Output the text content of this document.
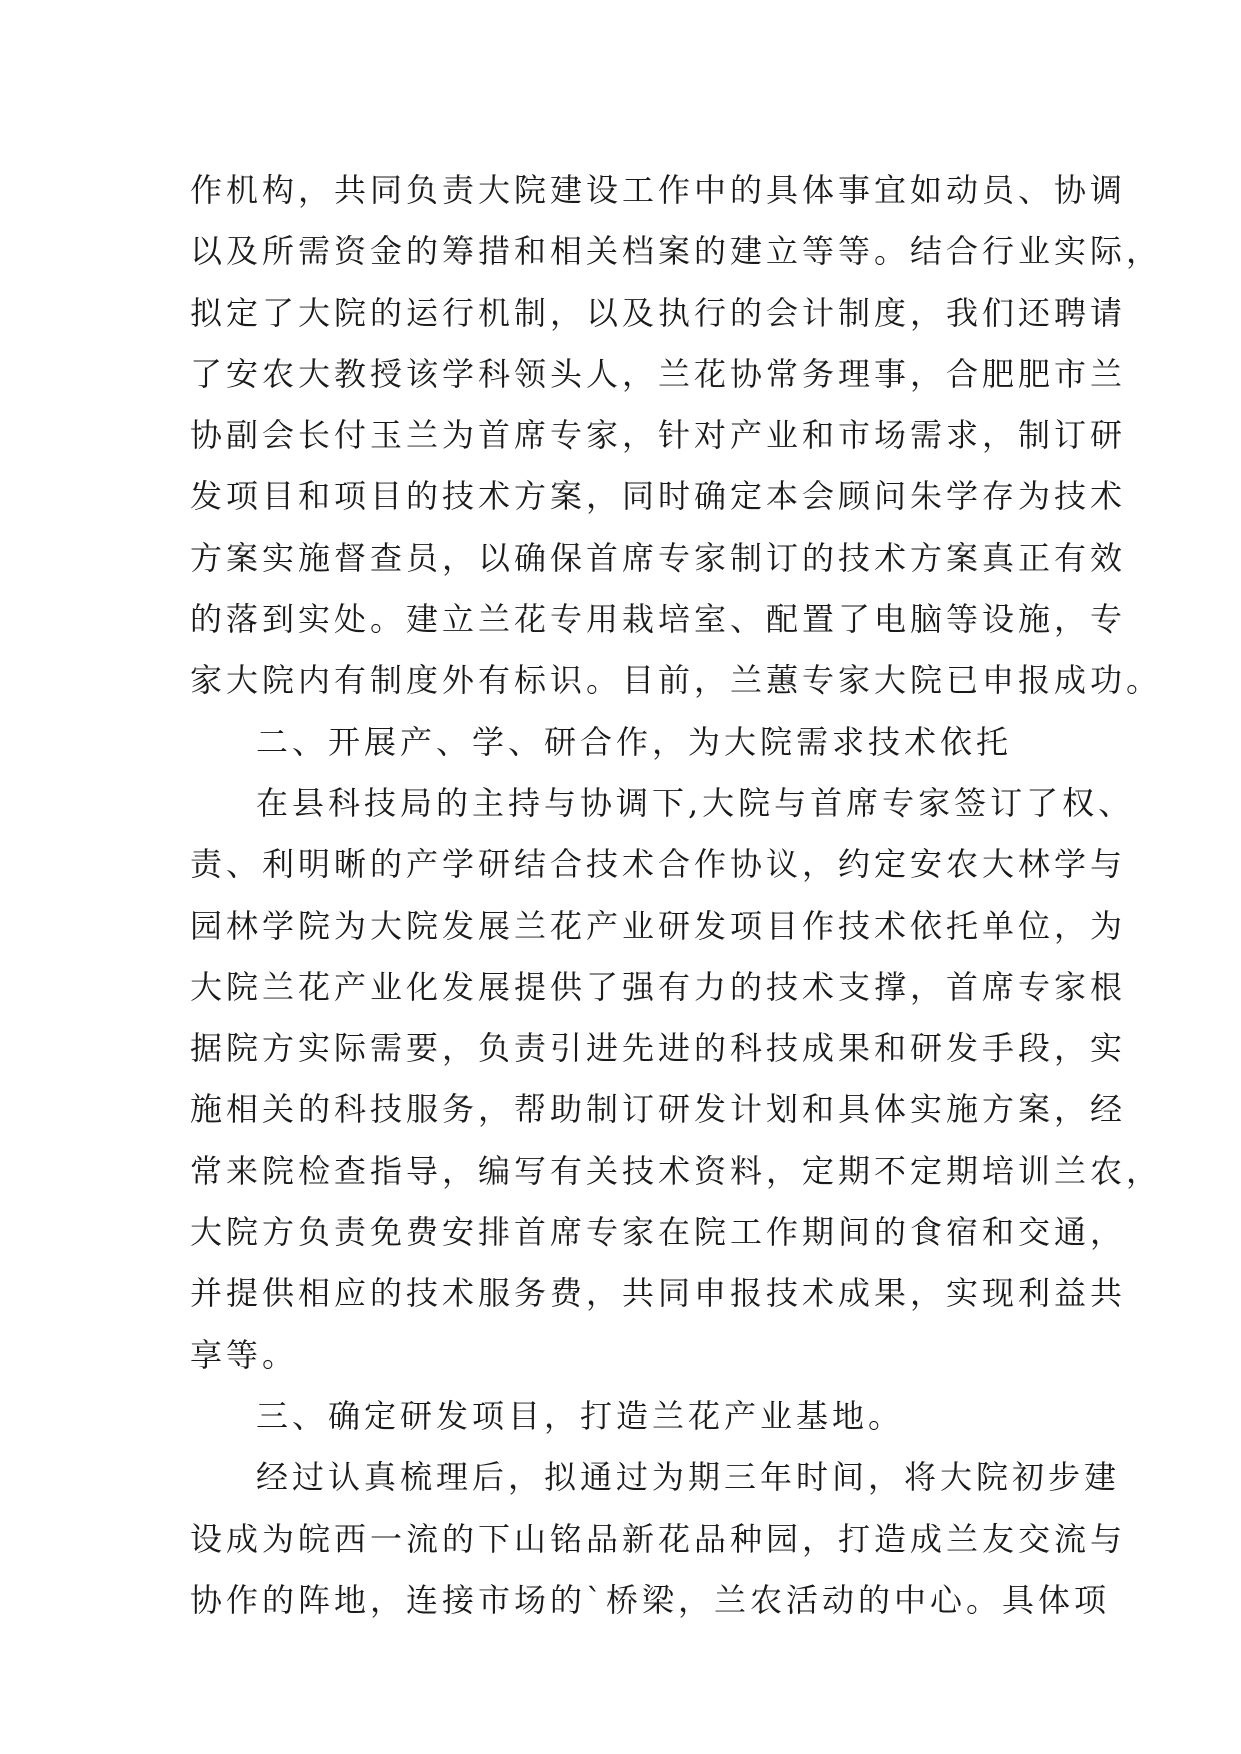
作机构，共同负责大院建设工作中的具体事宜如动员、协调
以及所需资金的筹措和相关档案的建立等等。结合行业实际，
拟定了大院的运行机制，以及执行的会计制度，我们还聘请
了安农大教授该学科领头人，兰花协常务理事，合肥肥市兰
协副会长付玉兰为首席专家，针对产业和市场需求，制订研
发项目和项目的技术方案，同时确定本会顾问朱学存为技术
方案实施督查员，以确保首席专家制订的技术方案真正有效
的落到实处。建立兰花专用栽培室、配置了电脑等设施，专
家大院内有制度外有标识。目前，兰蕙专家大院已申报成功。
二、开展产、学、研合作，为大院需求技术依托
在县科技局的主持与协调下,大院与首席专家签订了权、
责、利明晰的产学研结合技术合作协议，约定安农大林学与
园林学院为大院发展兰花产业研发项目作技术依托单位，为
大院兰花产业化发展提供了强有力的技术支撑，首席专家根
据院方实际需要，负责引进先进的科技成果和研发手段，实
施相关的科技服务，帮助制订研发计划和具体实施方案，经
常来院检查指导，编写有关技术资料，定期不定期培训兰农，
大院方负责免费安排首席专家在院工作期间的食宿和交通，
并提供相应的技术服务费，共同申报技术成果，实现利益共
享等。
三、确定研发项目，打造兰花产业基地。
经过认真梳理后，拟通过为期三年时间，将大院初步建
设成为皖西一流的下山铭品新花品种园，打造成兰友交流与
协作的阵地，连接市场的`桥梁，兰农活动的中心。具体项
